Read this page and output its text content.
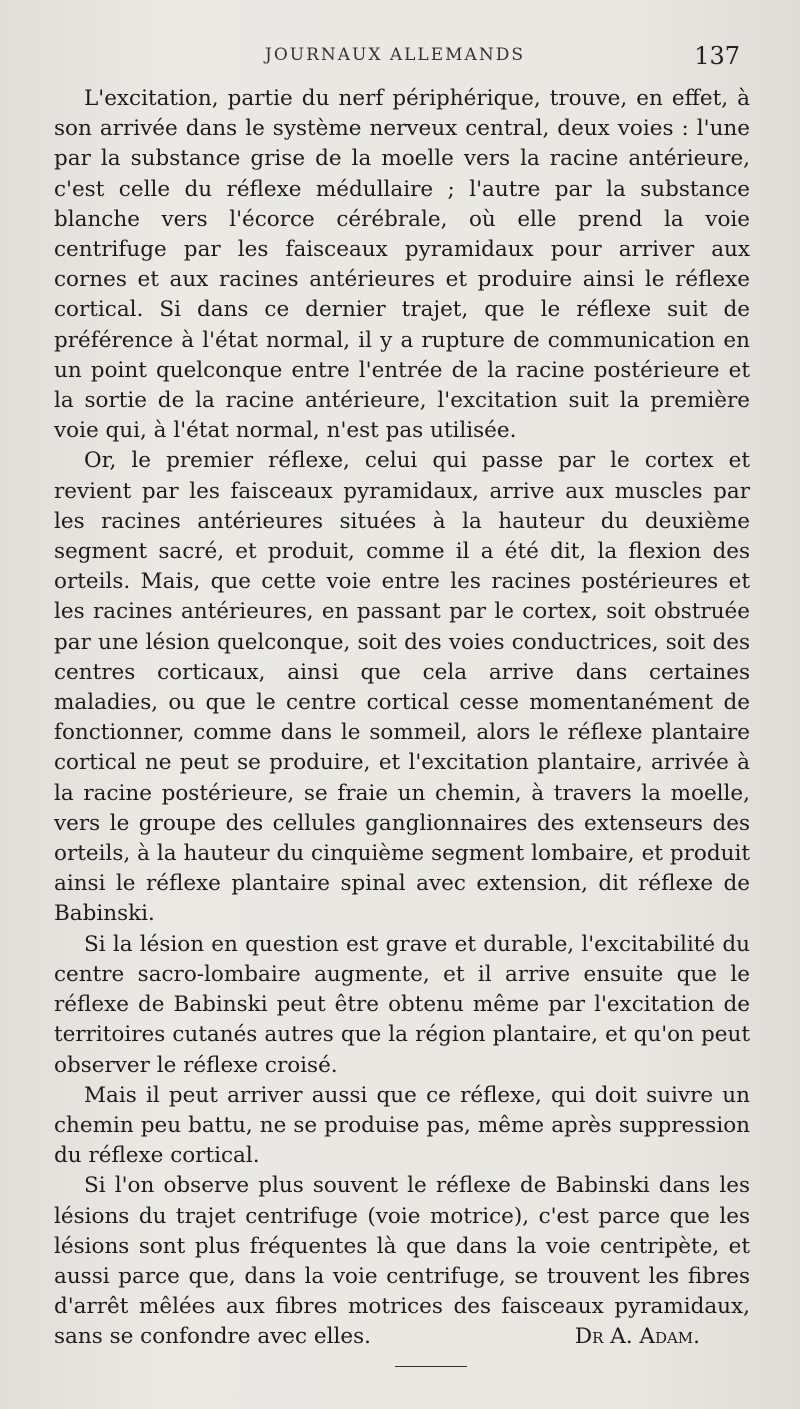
JOURNAUX ALLEMANDS	137

L'excitation, partie du nerf périphérique, trouve, en effet, à son arrivée dans le système nerveux central, deux voies : l'une par la substance grise de la moelle vers la racine antérieure, c'est celle du réflexe médullaire ; l'autre par la substance blanche vers l'écorce cérébrale, où elle prend la voie centrifuge par les faisceaux pyramidaux pour arriver aux cornes et aux racines antérieures et produire ainsi le réflexe cortical. Si dans ce dernier trajet, que le réflexe suit de préférence à l'état normal, il y a rupture de communication en un point quelconque entre l'entrée de la racine postérieure et la sortie de la racine antérieure, l'excitation suit la première voie qui, à l'état normal, n'est pas utilisée.

Or, le premier réflexe, celui qui passe par le cortex et revient par les faisceaux pyramidaux, arrive aux muscles par les racines antérieures situées à la hauteur du deuxième segment sacré, et produit, comme il a été dit, la flexion des orteils. Mais, que cette voie entre les racines postérieures et les racines antérieures, en passant par le cortex, soit obstruée par une lésion quelconque, soit des voies conductrices, soit des centres corticaux, ainsi que cela arrive dans certaines maladies, ou que le centre cortical cesse momentanément de fonctionner, comme dans le sommeil, alors le réflexe plantaire cortical ne peut se produire, et l'excitation plantaire, arrivée à la racine postérieure, se fraie un chemin, à travers la moelle, vers le groupe des cellules ganglionnaires des extenseurs des orteils, à la hauteur du cinquième segment lombaire, et produit ainsi le réflexe plantaire spinal avec extension, dit réflexe de Babinski.

Si la lésion en question est grave et durable, l'excitabilité du centre sacro-lombaire augmente, et il arrive ensuite que le réflexe de Babinski peut être obtenu même par l'excitation de territoires cutanés autres que la région plantaire, et qu'on peut observer le réflexe croisé.

Mais il peut arriver aussi que ce réflexe, qui doit suivre un chemin peu battu, ne se produise pas, même après suppression du réflexe cortical.

Si l'on observe plus souvent le réflexe de Babinski dans les lésions du trajet centrifuge (voie motrice), c'est parce que les lésions sont plus fréquentes là que dans la voie centripète, et aussi parce que, dans la voie centrifuge, se trouvent les fibres d'arrêt mêlées aux fibres motrices des faisceaux pyramidaux, sans se confondre avec elles.	Dr A. Adam.
